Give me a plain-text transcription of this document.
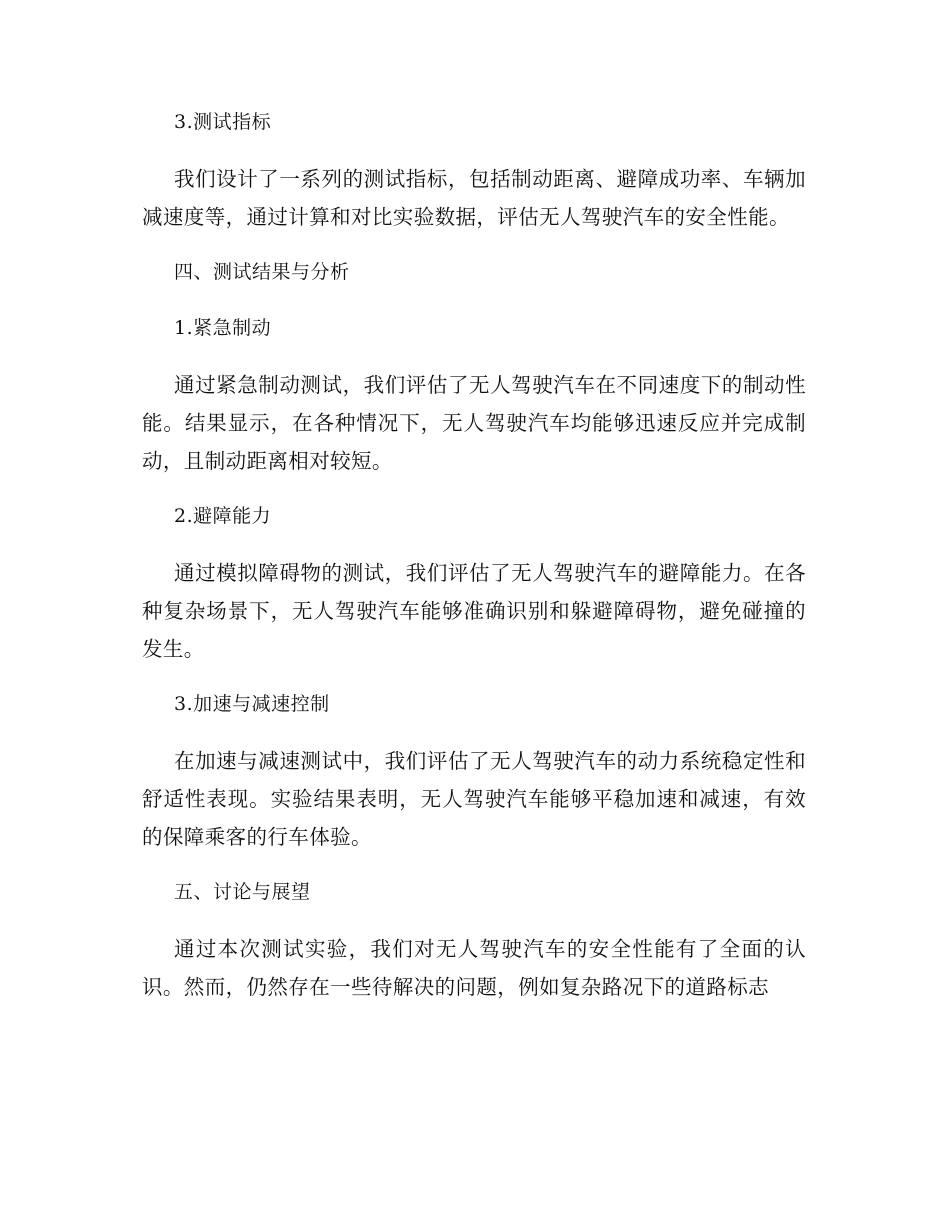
3.测试指标
我们设计了一系列的测试指标，包括制动距离、避障成功率、车辆加减速度等，通过计算和对比实验数据，评估无人驾驶汽车的安全性能。
四、测试结果与分析
1.紧急制动
通过紧急制动测试，我们评估了无人驾驶汽车在不同速度下的制动性能。结果显示，在各种情况下，无人驾驶汽车均能够迅速反应并完成制动，且制动距离相对较短。
2.避障能力
通过模拟障碍物的测试，我们评估了无人驾驶汽车的避障能力。在各种复杂场景下，无人驾驶汽车能够准确识别和躲避障碍物，避免碰撞的发生。
3.加速与减速控制
在加速与减速测试中，我们评估了无人驾驶汽车的动力系统稳定性和舒适性表现。实验结果表明，无人驾驶汽车能够平稳加速和减速，有效的保障乘客的行车体验。
五、讨论与展望
通过本次测试实验，我们对无人驾驶汽车的安全性能有了全面的认识。然而，仍然存在一些待解决的问题，例如复杂路况下的道路标志
